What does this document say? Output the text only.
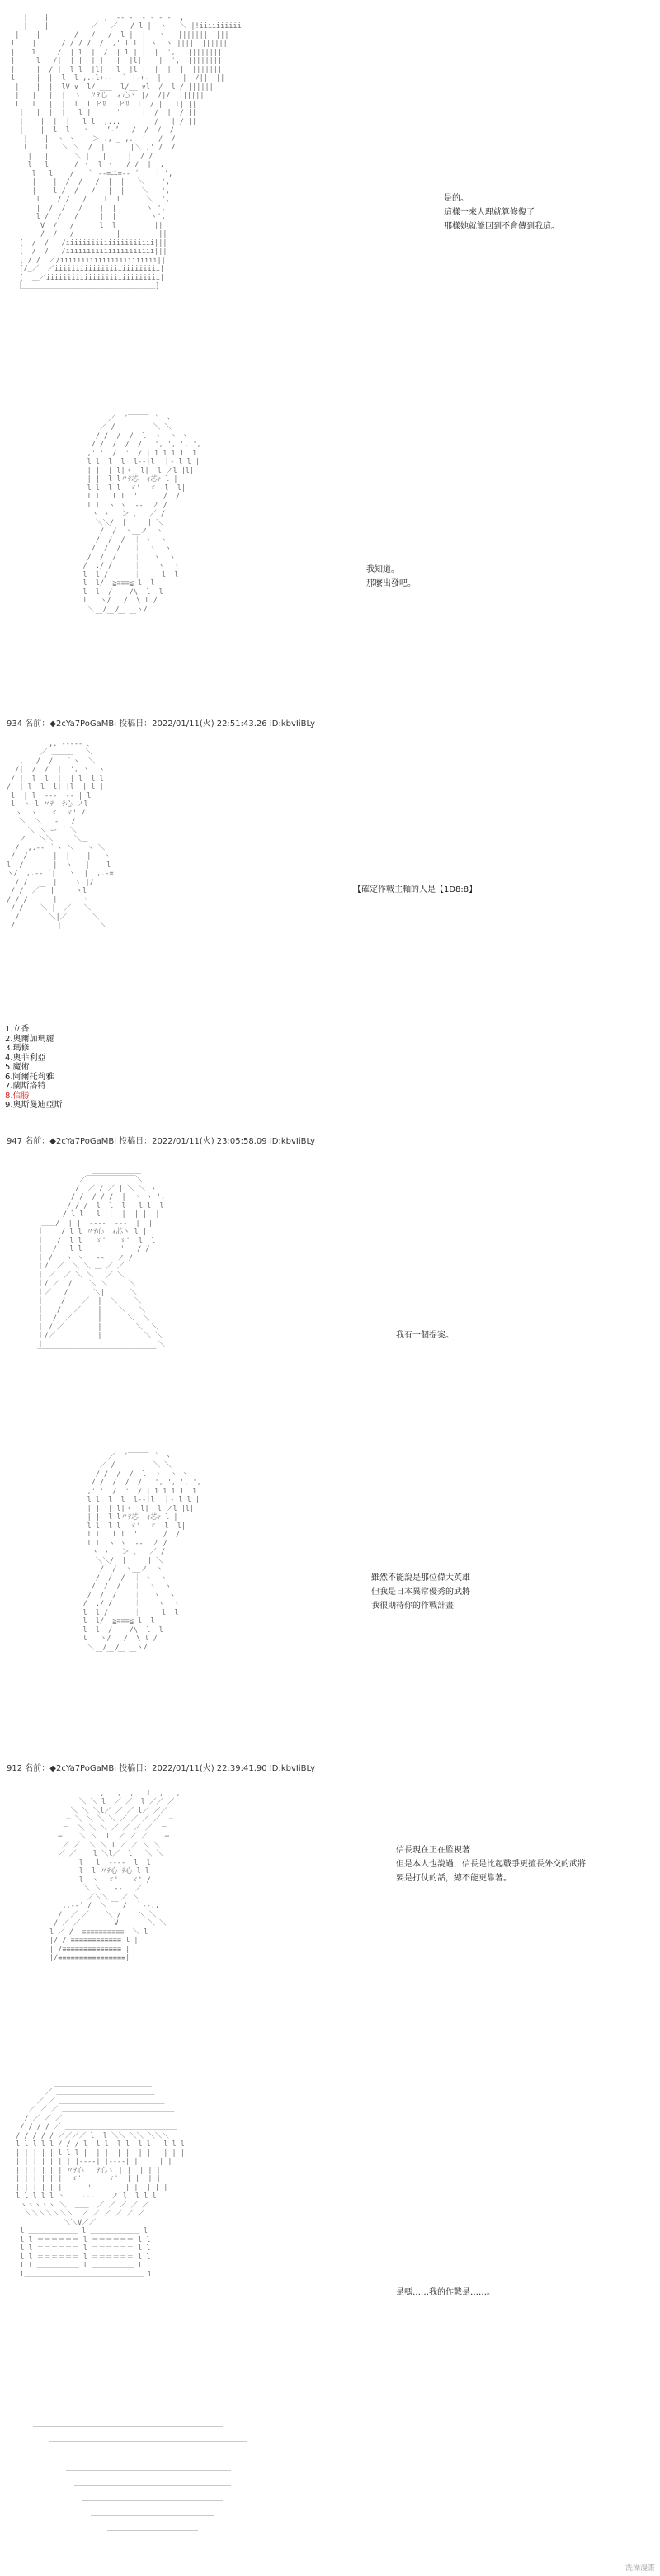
|    |             ,  -‐ ‐  ‐ ‐ ‐ -  ,
|    |          ／   ／   / l |  ヽ   ＼ |!iiiiiiiiii
|    |        /   /   /  l |  |   ヽ   ||||||||||||
l    |      / / / /  /  ,' l l | ヽ  ヽ ||||||||||||
|    l     /  | l  |  /  | l | |  |  ',  ||||||||||
|     l   /|  | |  | |   |  |l| |  |  ',  ||||||||
|     |  / |  l l  |l|   l  |l |  |  |  |  |||||||
l     |  |  l  l ,.-l+-‐  ｀ |‐+-  |  |  |  /||||||
|    |  |  lV ∨  l/ ___  l/__ ∨l  /  l / ||||||
|   |   |  |  ヽ  〃ﾃ心  ィ心ヽ |/  /|/  ||||||
l   l   |  |  l  l ヒﾘ   ヒﾘ  l  / |   l||||
|   |  |  |   l |      '     |  /  |  /|||
|    |  |  |   l l  ,..._     | /   | / ||
|    |  l  l   ヽ    ‘‐’   /  /  /  /
|    |  ヽ ヽ    ＞ ., _ ,.  ´   /  /
l    l   ＼ ＼  /  |      |＼ ,' /  /
|   |      ＼ |   |     |  / /
l   l      / ヽ  l ヽ   / /  | ',
l   l    /   ｀ ‐-=ニ=-‐ ´    | ',
|    |  /  /   /  |  |   ＼    ',
|    l /  /   /   |  |    ＼   ',
l    / /   /    l  l      ＼  ',
|  /  /   /    |  |       ヽ ',
l /  /   /     |  |        ヽ',
V  /   /      l  l         ||
/  /   /       |  |         ||
[  /  /   /iiiiiiiiiiiiiiiiiiiii|||
[  /  /   /iiiiiiiiiiiiiiiiiiiii|||
[ / /  ／/iiiiiiiiiiiiiiiiiiiiiii||
[/_／  ／iiiiiiiiiiiiiiiiiiiiiiiii|
[  ＿／iiiiiiiiiiiiiiiiiiiiiiiiiii|
［＿＿＿＿＿＿＿＿＿＿＿＿＿＿＿＿＿＿＿]

是的。
這樣一來人理就算修復了
那樣她就能回到不會傳到我這。

／  ´￣￣￣ ｀ ヽ
／ /         ＼ ＼
/ /  /  /  l  ヽ  ヽ ヽ
/ /  /  /  /l  ', ', ', ',
,' '  /  '  / | l l l l  l
l l  l  l  l-‐|l  ｜‐ l l |
| |  | l|ヽ__l|  l_ノl |l|
| |  l l〃ﾃ芯  ｨ芯ｧ|l |
l l  l l  ゞ'  ゞ' l  l|
l l   l l  '      /  /
l l  ヽ ヽ  ‐‐  ノ /
ヽ ヽ   ＞ ､__ ／ /
＼＼/  |     | ＼
/  /  ヽ__ノ  ヽ
/  /  /  ｜ ヽ  ヽ
/  /  /   ｜  ヽ  ヽ
/  /  /    ｜   ヽ  ヽ
/  ./ /     ｜    ヽ  ヽ
l  l /      ｜     l  l
l  l/  ≧≡≡≡≦ l  l
l  l  /    /\  l  l
l   ヽ/   /  \ l /
＼  /  /    ヽ/
￣ ￣ ￣ ￣

我知道。
那麼出發吧。
934 名前：◆2cYa7PoGaMBi 投稿日：2022/01/11(火) 22:51:43.26 ID:kbvIiBLy

,. -‐‐‐- ､
／ ＿＿＿   ＼
,   /  /   ｀ヽ  ＼
/|  /  /  |  ', ヽ  ヽ
/ |  l  l  |  | l  l l
/  | l  l  l| |l  | l |
l  | l  ‐‐‐  ‐‐ | l
l  ヽ l 〃ﾃ  ﾃ心 ノl
ヽ  ヽ   ゞ  ゞ' /
＼  ＼   ‐   /
＼ ＼ ー ´ ＼
ノ   ＼＼     ＼＿
/  ,.-‐ ｀ヽ ＼   ヽ ＼
/  /      |  |    |   ヽ
l  /       |  ヽ   |    l
ヽ/  ,.-‐ ´|   ヽ  |  ,.-=
/ /      |    ヽ |/
/ /  ／￣ |     ヽl
/ / /      |      ヽ
/ /    ＼ |  ／   ＼
/       ＼|／      ＼
/          |         ＼

【確定作戰主軸的人是【1D8:8】
1.立香
2.奧爾加瑪麗
3.瑪修
4.奧菲利亞
5.魔術
6.阿爾托莉雅
7.蘭斯洛特
8.信勝
9.奧斯曼迪亞斯
947 名前：◆2cYa7PoGaMBi 投稿日：2022/01/11(火) 23:05:58.09 ID:kbvIiBLy

＿＿＿＿＿＿＿
／￣￣￣￣￣￣￣＼
/  ／ / ／ | ＼ ＼ ヽ
/ /  / / /  |  ヽ ヽ ',
/ / /  l  l  l   l l  l
/ l l   l  |  |  | |  |
＿＿/  | |  ‐-‐-  ‐-‐  |  |
｜    / l l 〃ﾃ心  ｨ芯ヽ l |
｜   /  l l   ゞ'   ゞ'  l  l
｜  /   l l         '   / /
｜ /   ヽ ヽ   ‐‐   ノ /
｜/  ／  ＼ ＼ ＿ ／ ／
｜ ／  ／ ＼ ＼   ／ ＼
｜/ ／  /    ＼ ＼     ＼
｜／   /      ＼|      ＼
｜    /    ／  |  ＼    ＼
｜   /   ／    |    ＼   ＼
｜  /  ／      |      ＼  ＼
｜ / ／        |        ＼  ＼
｜/／          |          ＼ ＼
｜             |             ＼
￣￣￣￣￣￣￣￣￣￣￣￣￣￣￣￣￣

我有一個提案。

／  ´￣￣￣ ｀ ヽ
／ /         ＼ ＼
/ /  /  /  l  ヽ  ヽ ヽ
/ /  /  /  /l  ', ', ', ',
,' '  /  '  / | l l l l  l
l l  l  l  l-‐|l  ｜‐ l l |
| |  | l|ヽ__l|  l_ノl |l|
| |  l l〃ﾃ芯  ｨ芯ｧ|l |
l l  l l  ゞ'  ゞ' l  l|
l l   l l  '      /  /
l l  ヽ ヽ  ‐‐  ノ /
ヽ ヽ   ＞ ､__ ／ /
＼＼/  |     | ＼
/  /  ヽ__ノ  ヽ
/  /  /  ｜ ヽ  ヽ
/  /  /   ｜  ヽ  ヽ
/  /  /    ｜   ヽ  ヽ
/  ./ /     ｜    ヽ  ヽ
l  l /      ｜     l  l
l  l/  ≧≡≡≡≦ l  l
l  l  /    /\  l  l
l   ヽ/   /  \ l /
＼  /  /    ヽ/
￣ ￣ ￣ ￣

雖然不能說是那位偉大英雄
但我是日本異常優秀的武將
我很期待你的作戰計畫
912 名前：◆2cYa7PoGaMBi 投稿日：2022/01/11(火) 22:39:41.90 ID:kbvIiBLy

,   ,  ,   l  ,   ,
＼ ＼ l  ／ ／  l ／／ ／
＼ ＼ ＼l／ ／ ／ l／ ／／
─ ＼ ＼ ＼ ＼ ／ ／ ／ ／  ─
＝  ＼ ＼ ＼ ／ ／ ／ ／  ＝
─    ＼ ＼  l  ／ ／ ／    ─
／ ／  ＼ ＼ l ／ ／ ＼ ＼
／ ／    l ＼l／  l   ＼ ＼
l   l  ‐‐‐‐  l  l
l  l 〃ﾃ心 ﾃ心 l l
l  ヽ  ゞ'   ゞ' /
＼ ＼   ‐‐   ／
／＼＼   ／ ＼
,.-‐´ /  ＼ ￣ /  ｀‐-.,
/  ／ ／    ＼ /    ＼ ＼
/ ／ ／        V       ＼ ＼
l ／ /  ≡≡≡≡≡≡≡≡≡≡  ＼ l
|/ / ≡≡≡≡≡≡≡≡≡≡≡≡ l |
| /≡≡≡≡≡≡≡≡≡≡≡≡≡≡ |
|/≡≡≡≡≡≡≡≡≡≡≡≡≡≡≡≡|

信長現在正在監視著
但是本人也說過，信長是比起戰爭更擅長外交的武將
要是打仗的話，總不能更靠著。

＿＿＿＿＿＿＿＿＿＿＿＿＿＿
／ ＿＿＿＿＿＿＿＿＿＿＿＿＿＿
／ ／ ＿＿＿＿＿＿＿＿＿＿＿＿＿＿＿
／ ／ ／ ＿＿＿＿＿＿＿＿＿＿＿＿＿＿＿＿
/ ／ ／ ／ ＿＿＿＿＿＿＿＿＿＿＿＿＿＿＿＿
/ / / / ／ ＿＿＿＿＿＿＿＿＿＿＿＿＿＿＿＿
/ / / / / ／／／／ l  l ＼＼ ＼＼ ＼＼＼
l l l l l / / / l  l l  l l  l l   l l l
| | | | | l l l |  | |  | |  | |   | | |
| | | | | | | |‐‐‐‐| |‐‐‐‐| |   | | |
| | | | | | 〃ﾃ心   ﾃ心ヽ | |  | | |
| | | | | |  ゞ'      ゞ'  | |  | | |
| | | | | |      '        | |  | | |
l l l l l ヽ    ‐‐‐    ノ l  l l l
ヽヽヽヽヽ ＼  ＿＿  ／ ／ ／ ／ ／
＼＼＼＼＼＼＼  ／ ／ ／ ／ ／ ／
＿＿＿＿＿ ＼＼V／／＿＿＿＿＿
l ＿＿＿＿＿＿＿ l ＿＿＿＿＿＿＿ l
l l ＝＝＝＝＝＝ l ＝＝＝＝＝＝ l l
l l ＝＝＝＝＝＝ l ＝＝＝＝＝＝ l l
l l ＝＝＝＝＝＝ l ＝＝＝＝＝＝ l l
l l ＿＿＿＿＿＿ l ＿＿＿＿＿＿ l l
l＿＿＿＿＿＿＿＿＿＿＿＿＿＿＿＿＿ l

是嗎……我的作戰是……。
洗澡漫畫
